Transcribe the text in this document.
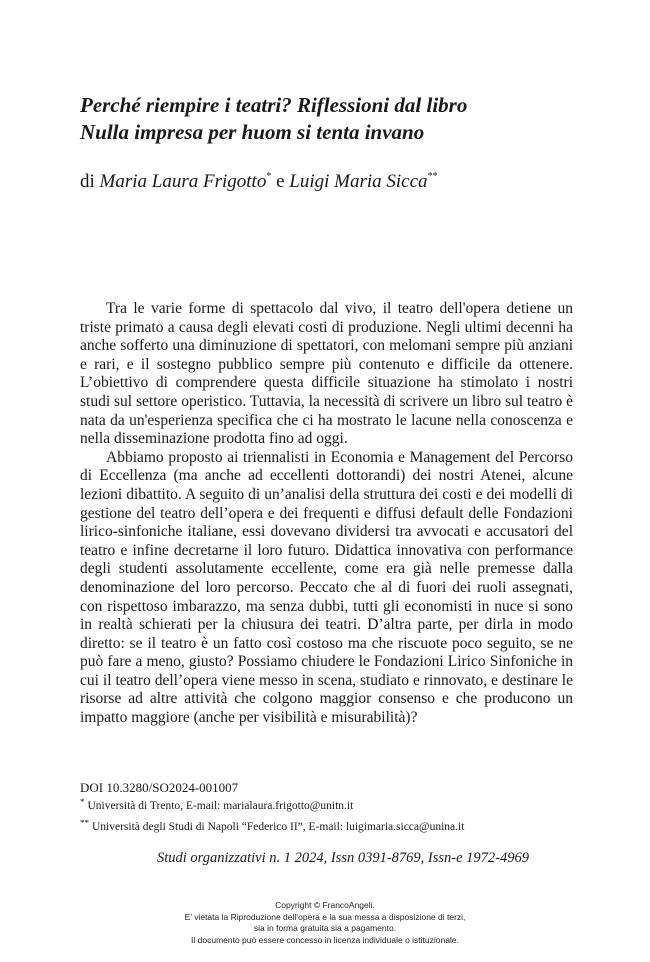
Perché riempire i teatri? Riflessioni dal libro
Nulla impresa per huom si tenta invano

di Maria Laura Frigotto* e Luigi Maria Sicca**

Tra le varie forme di spettacolo dal vivo, il teatro dell'opera detiene un triste primato a causa degli elevati costi di produzione. Negli ultimi decenni ha anche sofferto una diminuzione di spettatori, con melomani sempre più anziani e rari, e il sostegno pubblico sempre più contenuto e difficile da ottenere. L’obiettivo di comprendere questa difficile situazione ha stimolato i nostri studi sul settore operistico. Tuttavia, la necessità di scrivere un libro sul teatro è nata da un'esperienza specifica che ci ha mostrato le lacune nella conoscenza e nella disseminazione prodotta fino ad oggi.

Abbiamo proposto ai triennalisti in Economia e Management del Percorso di Eccellenza (ma anche ad eccellenti dottorandi) dei nostri Atenei, alcune lezioni dibattito. A seguito di un’analisi della struttura dei costi e dei modelli di gestione del teatro dell’opera e dei frequenti e diffusi default delle Fondazioni lirico-sinfoniche italiane, essi dovevano dividersi tra avvocati e accusatori del teatro e infine decretarne il loro futuro. Didattica innovativa con performance degli studenti assolutamente eccellente, come era già nelle premesse dalla denominazione del loro percorso. Peccato che al di fuori dei ruoli assegnati, con rispettoso imbarazzo, ma senza dubbi, tutti gli economisti in nuce si sono in realtà schierati per la chiusura dei teatri. D’altra parte, per dirla in modo diretto: se il teatro è un fatto così costoso ma che riscuote poco seguito, se ne può fare a meno, giusto? Possiamo chiudere le Fondazioni Lirico Sinfoniche in cui il teatro dell’opera viene messo in scena, studiato e rinnovato, e destinare le risorse ad altre attività che colgono maggior consenso e che producono un impatto maggiore (anche per visibilità e misurabilità)?

DOI 10.3280/SO2024-001007

* Università di Trento, E-mail: marialaura.frigotto@unitn.it

** Università degli Studi di Napoli “Federico II”, E-mail: luigimaria.sicca@unina.it

Studi organizzativi n. 1 2024, Issn 0391-8769, Issn-e 1972-4969

Copyright © FrancoAngeli.
E’ vietata la Riproduzione dell’opera e la sua messa a disposizione di terzi,
sia in forma gratuita sia a pagamento.
Il documento può essere concesso in licenza individuale o istituzionale.
